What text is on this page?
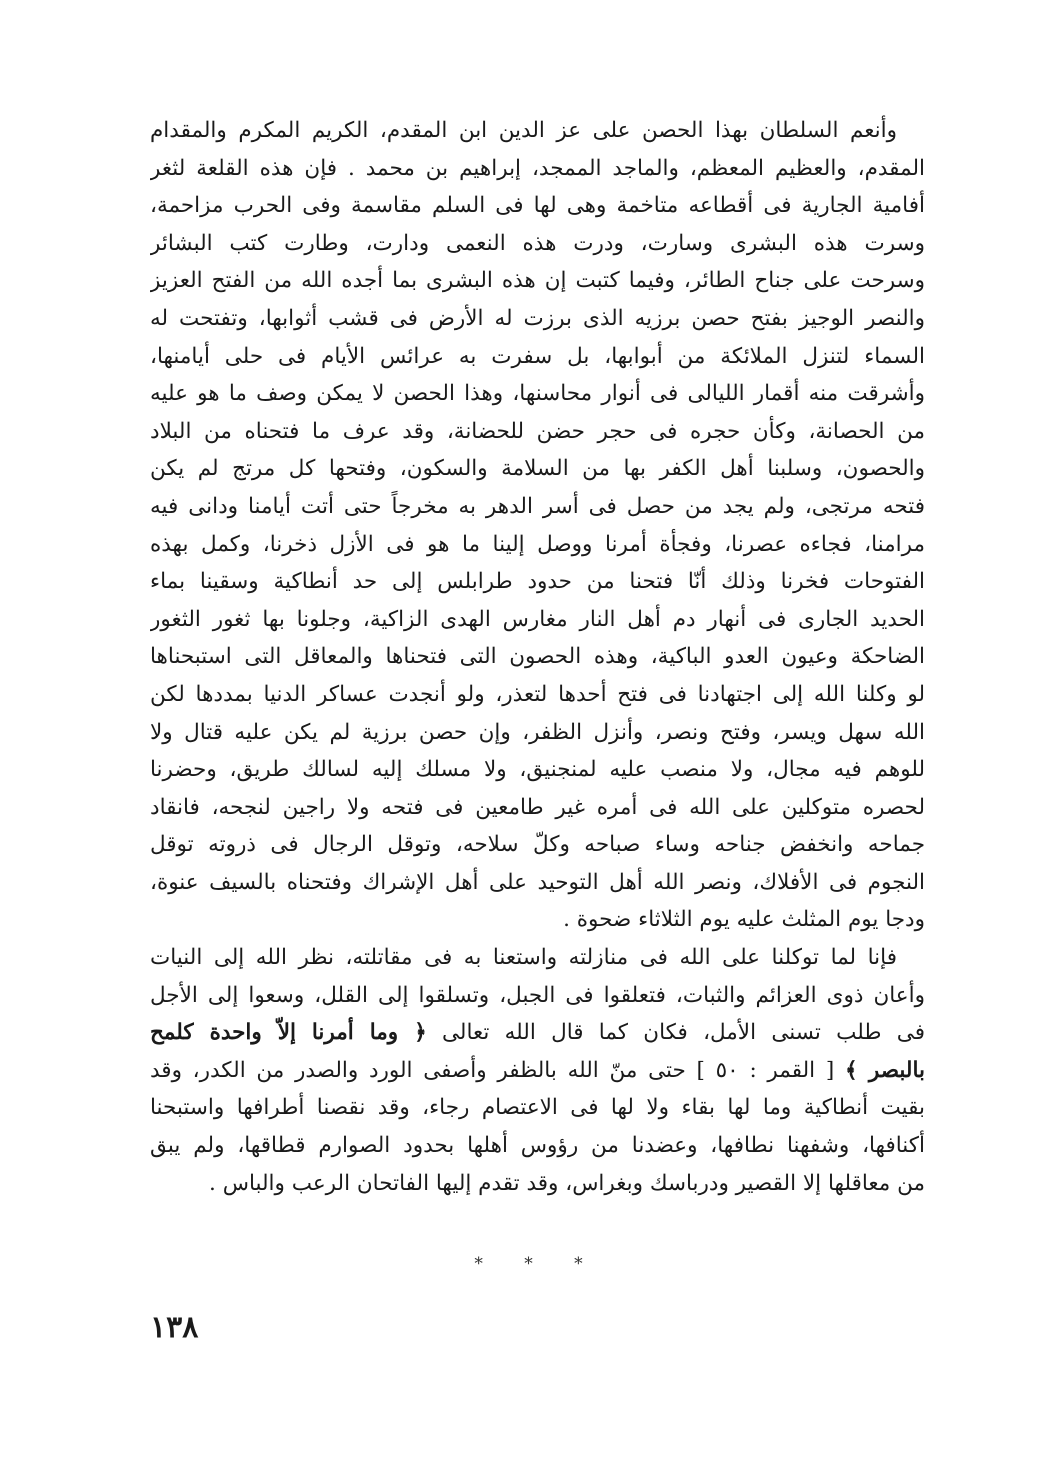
وأنعم السلطان بهذا الحصن على عز الدين ابن المقدم، الكريم المكرم والمقدام
المقدم، والعظيم المعظم، والماجد الممجد، إبراهيم بن محمد . فإن هذه القلعة لثغر
أفامية الجارية فى أقطاعه متاخمة وهى لها فى السلم مقاسمة وفى الحرب مزاحمة،
وسرت هذه البشرى وسارت، ودرت هذه النعمى ودارت، وطارت كتب البشائر
وسرحت على جناح الطائر، وفيما كتبت إن هذه البشرى بما أجده الله من الفتح العزيز
والنصر الوجيز بفتح حصن برزيه الذى برزت له الأرض فى قشب أثوابها، وتفتحت له
السماء لتنزل الملائكة من أبوابها، بل سفرت به عرائس الأيام فى حلى أيامنها،
وأشرقت منه أقمار الليالى فى أنوار محاسنها، وهذا الحصن لا يمكن وصف ما هو عليه
من الحصانة، وكأن حجره فى حجر حضن للحضانة، وقد عرف ما فتحناه من البلاد
والحصون، وسلبنا أهل الكفر بها من السلامة والسكون، وفتحها كل مرتج لم يكن
فتحه مرتجى، ولم يجد من حصل فى أسر الدهر به مخرجاً حتى أتت أيامنا ودانى فيه
مرامنا، فجاءه عصرنا، وفجأة أمرنا ووصل إلينا ما هو فى الأزل ذخرنا، وكمل بهذه
الفتوحات فخرنا وذلك أنّا فتحنا من حدود طرابلس إلى حد أنطاكية وسقينا بماء
الحديد الجارى فى أنهار دم أهل النار مغارس الهدى الزاكية، وجلونا بها ثغور الثغور
الضاحكة وعيون العدو الباكية، وهذه الحصون التى فتحناها والمعاقل التى استبحناها
لو وكلنا الله إلى اجتهادنا فى فتح أحدها لتعذر، ولو أنجدت عساكر الدنيا بمددها لكن
الله سهل ويسر، وفتح ونصر، وأنزل الظفر، وإن حصن برزية لم يكن عليه قتال ولا
للوهم فيه مجال، ولا منصب عليه لمنجنيق، ولا مسلك إليه لسالك طريق، وحضرنا
لحصره متوكلين على الله فى أمره غير طامعين فى فتحه ولا راجين لنجحه، فانقاد
جماحه وانخفض جناحه وساء صباحه وكلّ سلاحه، وتوقل الرجال فى ذروته توقل
النجوم فى الأفلاك، ونصر الله أهل التوحيد على أهل الإشراك وفتحناه بالسيف عنوة،
ودجا يوم المثلث عليه يوم الثلاثاء ضحوة .
فإنا لما توكلنا على الله فى منازلته واستعنا به فى مقاتلته، نظر الله إلى النيات
وأعان ذوى العزائم والثبات، فتعلقوا فى الجبل، وتسلقوا إلى القلل، وسعوا إلى الأجل
فى طلب تسنى الأمل، فكان كما قال الله تعالى ﴿ وما أمرنا إلاّ واحدة كلمح
بالبصر ﴾ [ القمر : ٥٠ ] حتى منّ الله بالظفر وأصفى الورد والصدر من الكدر، وقد
بقيت أنطاكية وما لها بقاء ولا لها فى الاعتصام رجاء، وقد نقصنا أطرافها واستبحنا
أكنافها، وشفهنا نطافها، وعضدنا من رؤوس أهلها بحدود الصوارم قطاقها، ولم يبق
من معاقلها إلا القصير ودرباسك وبغراس، وقد تقدم إليها الفاتحان الرعب والباس .
* * *
١٣٨
